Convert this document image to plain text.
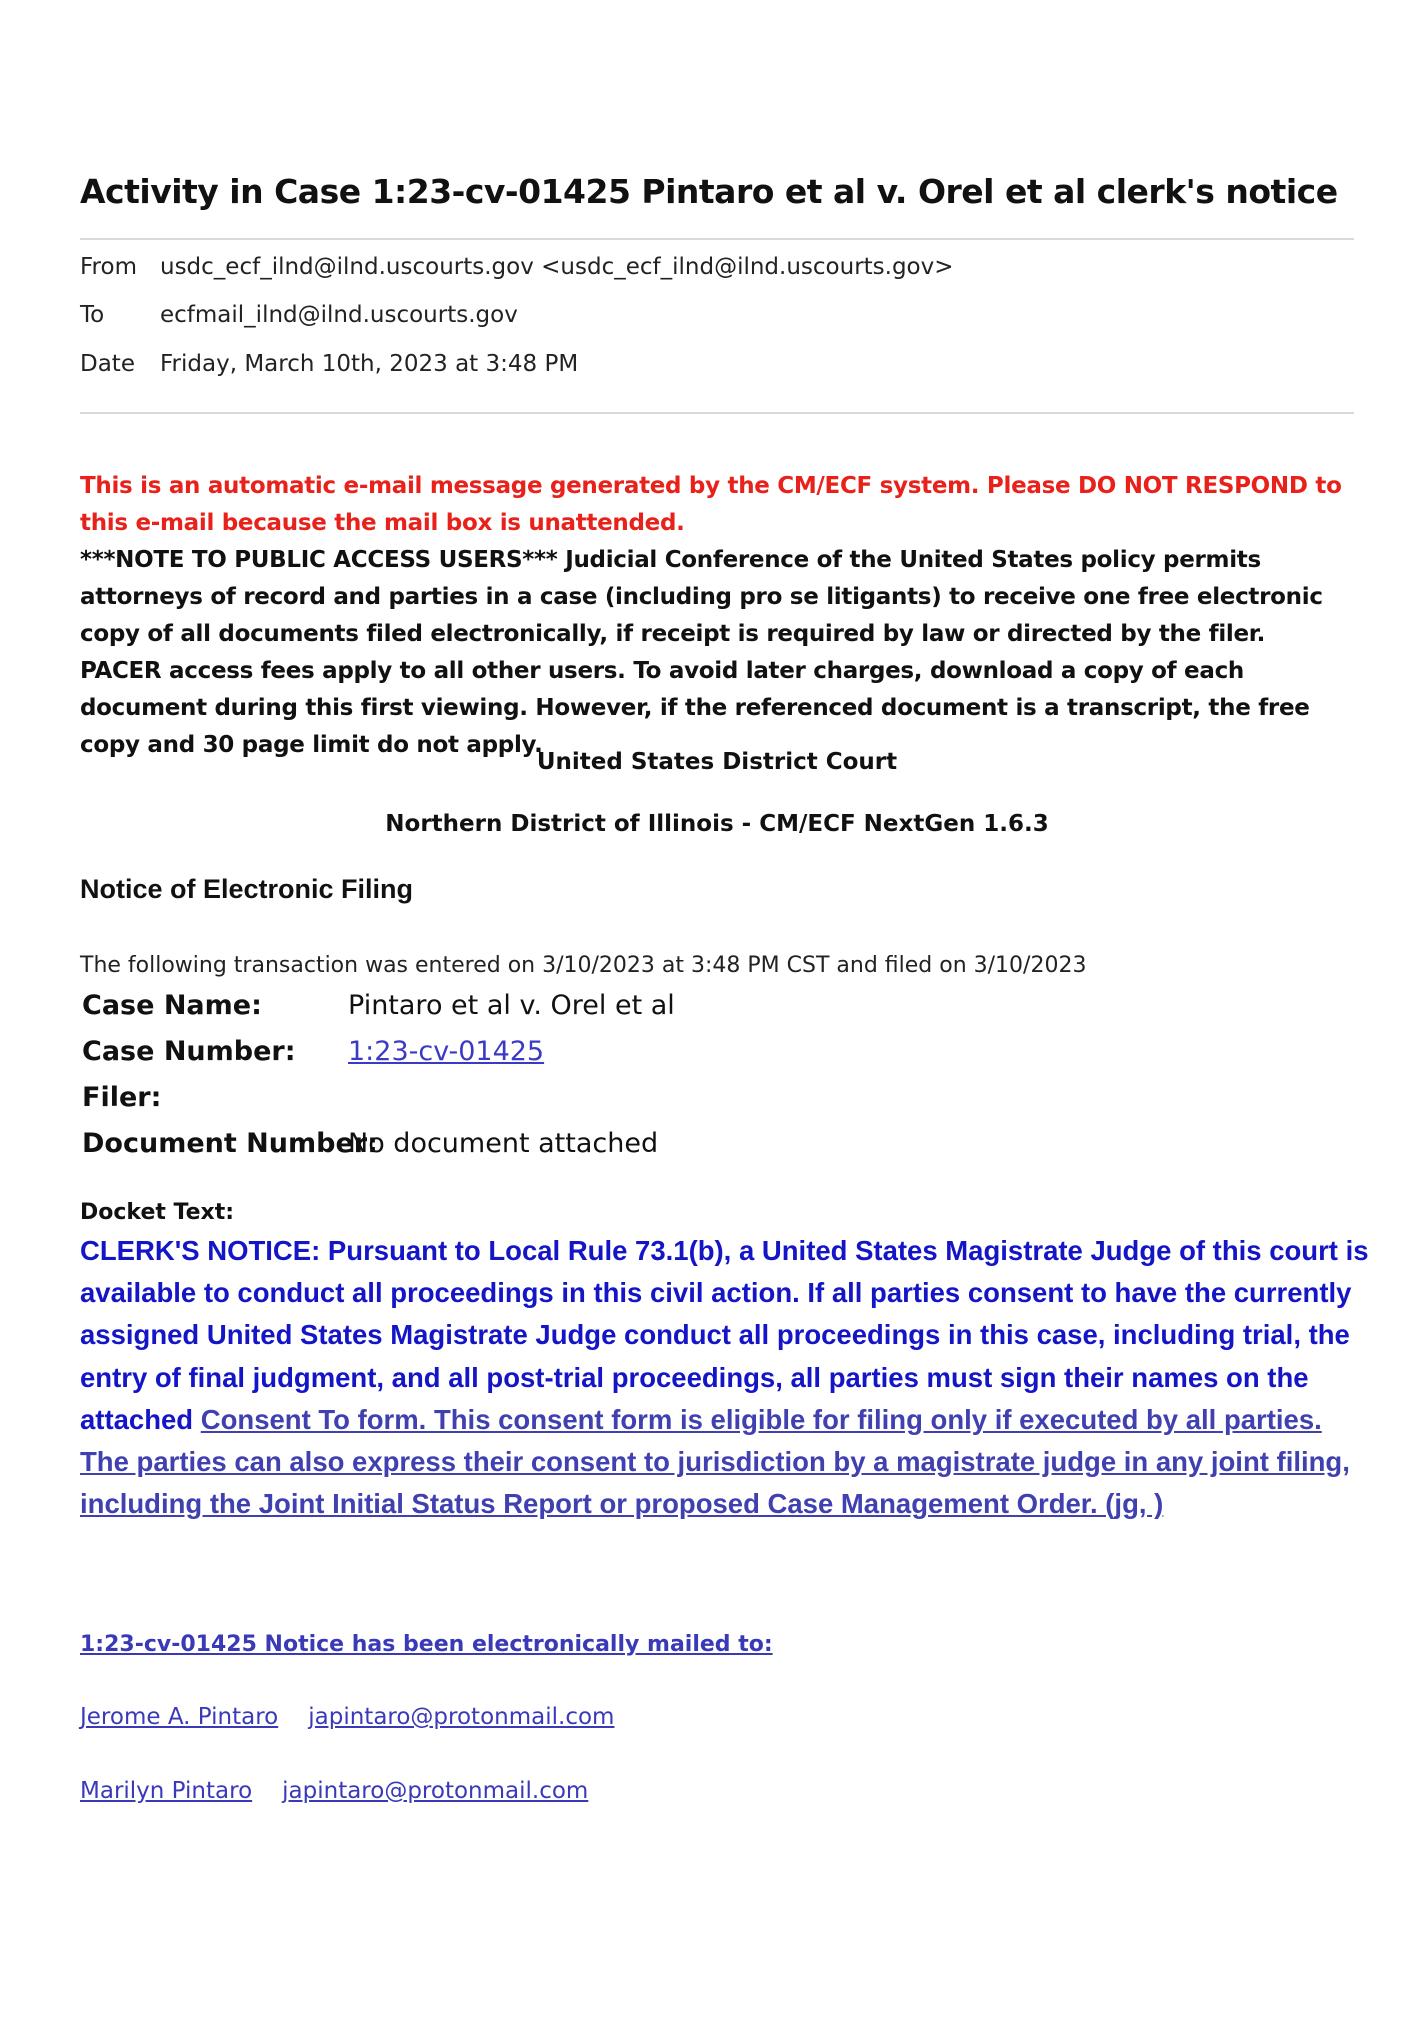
Activity in Case 1:23-cv-01425 Pintaro et al v. Orel et al clerk's notice
From usdc_ecf_ilnd@ilnd.uscourts.gov <usdc_ecf_ilnd@ilnd.uscourts.gov>
To ecfmail_ilnd@ilnd.uscourts.gov
Date Friday, March 10th, 2023 at 3:48 PM
This is an automatic e-mail message generated by the CM/ECF system. Please DO NOT RESPOND to this e-mail because the mail box is unattended.
***NOTE TO PUBLIC ACCESS USERS*** Judicial Conference of the United States policy permits attorneys of record and parties in a case (including pro se litigants) to receive one free electronic copy of all documents filed electronically, if receipt is required by law or directed by the filer. PACER access fees apply to all other users. To avoid later charges, download a copy of each document during this first viewing. However, if the referenced document is a transcript, the free copy and 30 page limit do not apply.
United States District Court
Northern District of Illinois - CM/ECF NextGen 1.6.3
Notice of Electronic Filing
The following transaction was entered on 3/10/2023 at 3:48 PM CST and filed on 3/10/2023
Case Name:	Pintaro et al v. Orel et al
Case Number: 1:23-cv-01425
Filer:
Document Number:No document attached
Docket Text:
CLERK'S NOTICE: Pursuant to Local Rule 73.1(b), a United States Magistrate Judge of this court is available to conduct all proceedings in this civil action. If all parties consent to have the currently assigned United States Magistrate Judge conduct all proceedings in this case, including trial, the entry of final judgment, and all post-trial proceedings, all parties must sign their names on the attached Consent To form. This consent form is eligible for filing only if executed by all parties. The parties can also express their consent to jurisdiction by a magistrate judge in any joint filing, including the Joint Initial Status Report or proposed Case Management Order. (jg, )
1:23-cv-01425 Notice has been electronically mailed to:
Jerome A. Pintaro japintaro@protonmail.com
Marilyn Pintaro japintaro@protonmail.com
